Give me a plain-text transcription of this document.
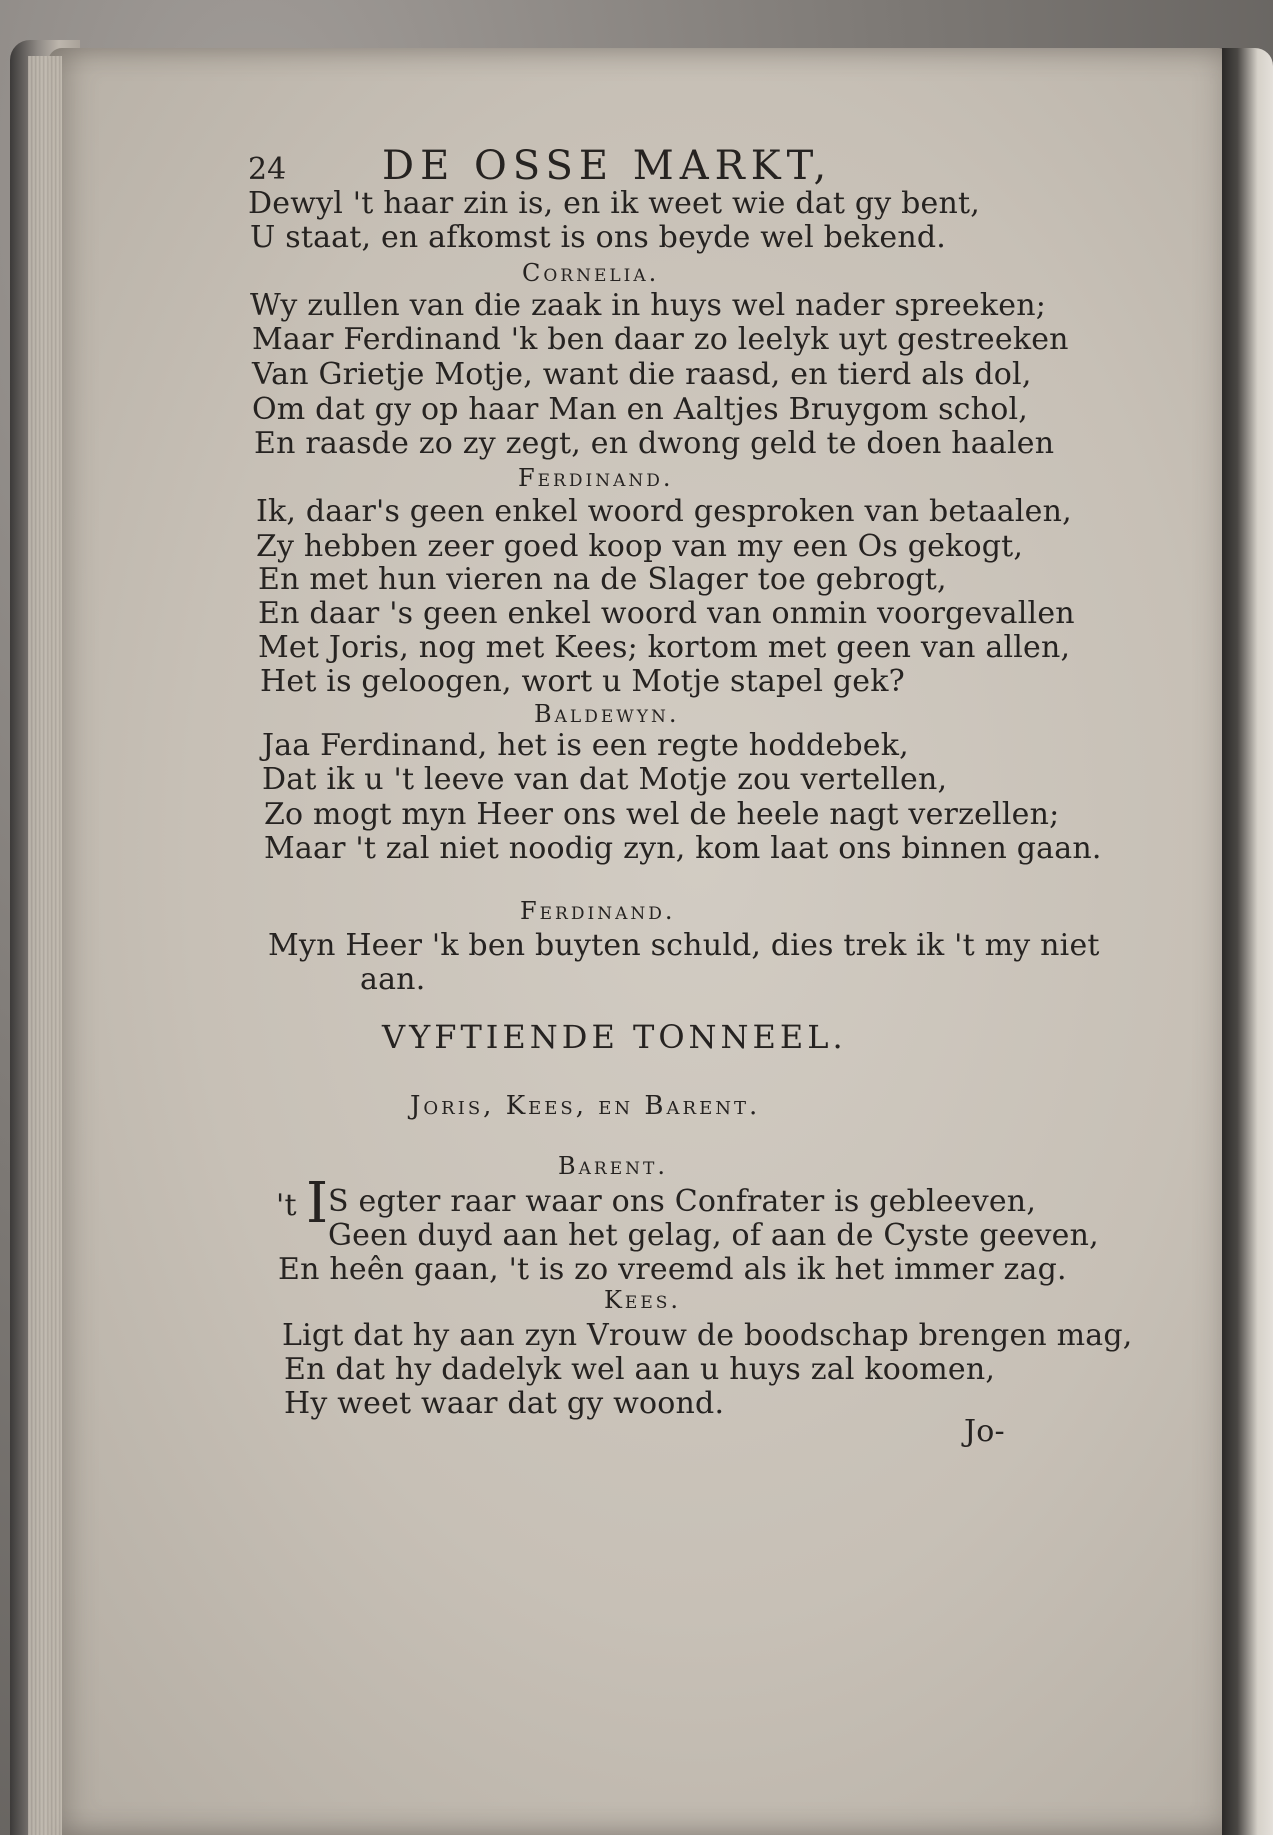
24 DE OSSE MARKT,
Dewyl 't haar zin is, en ik weet wie dat gy bent,
U staat, en afkomst is ons beyde wel bekend.
Cornelia.
Wy zullen van die zaak in huys wel nader spreeken;
Maar Ferdinand 'k ben daar zo leelyk uyt gestreeken
Van Grietje Motje, want die raasd, en tierd als dol,
Om dat gy op haar Man en Aaltjes Bruygom schol,
En raasde zo zy zegt, en dwong geld te doen haalen
Ferdinand.
Ik, daar's geen enkel woord gesproken van betaalen,
Zy hebben zeer goed koop van my een Os gekogt,
En met hun vieren na de Slager toe gebrogt,
En daar 's geen enkel woord van onmin voorgevallen
Met Joris, nog met Kees; kortom met geen van allen,
Het is geloogen, wort u Motje stapel gek?
Baldewyn.
Jaa Ferdinand, het is een regte hoddebek,
Dat ik u 't leeve van dat Motje zou vertellen,
Zo mogt myn Heer ons wel de heele nagt verzellen;
Maar 't zal niet noodig zyn, kom laat ons binnen gaan.
Ferdinand.
Myn Heer 'k ben buyten schuld, dies trek ik 't my niet
aan.
VYFTIENDE TONNEEL.
Joris, Kees, en Barent.
Barent.
't I S egter raar waar ons Confrater is gebleeven,
Geen duyd aan het gelag, of aan de Cyste geeven,
En heên gaan, 't is zo vreemd als ik het immer zag.
Kees.
Ligt dat hy aan zyn Vrouw de boodschap brengen mag,
En dat hy dadelyk wel aan u huys zal koomen,
Hy weet waar dat gy woond.
Jo-
